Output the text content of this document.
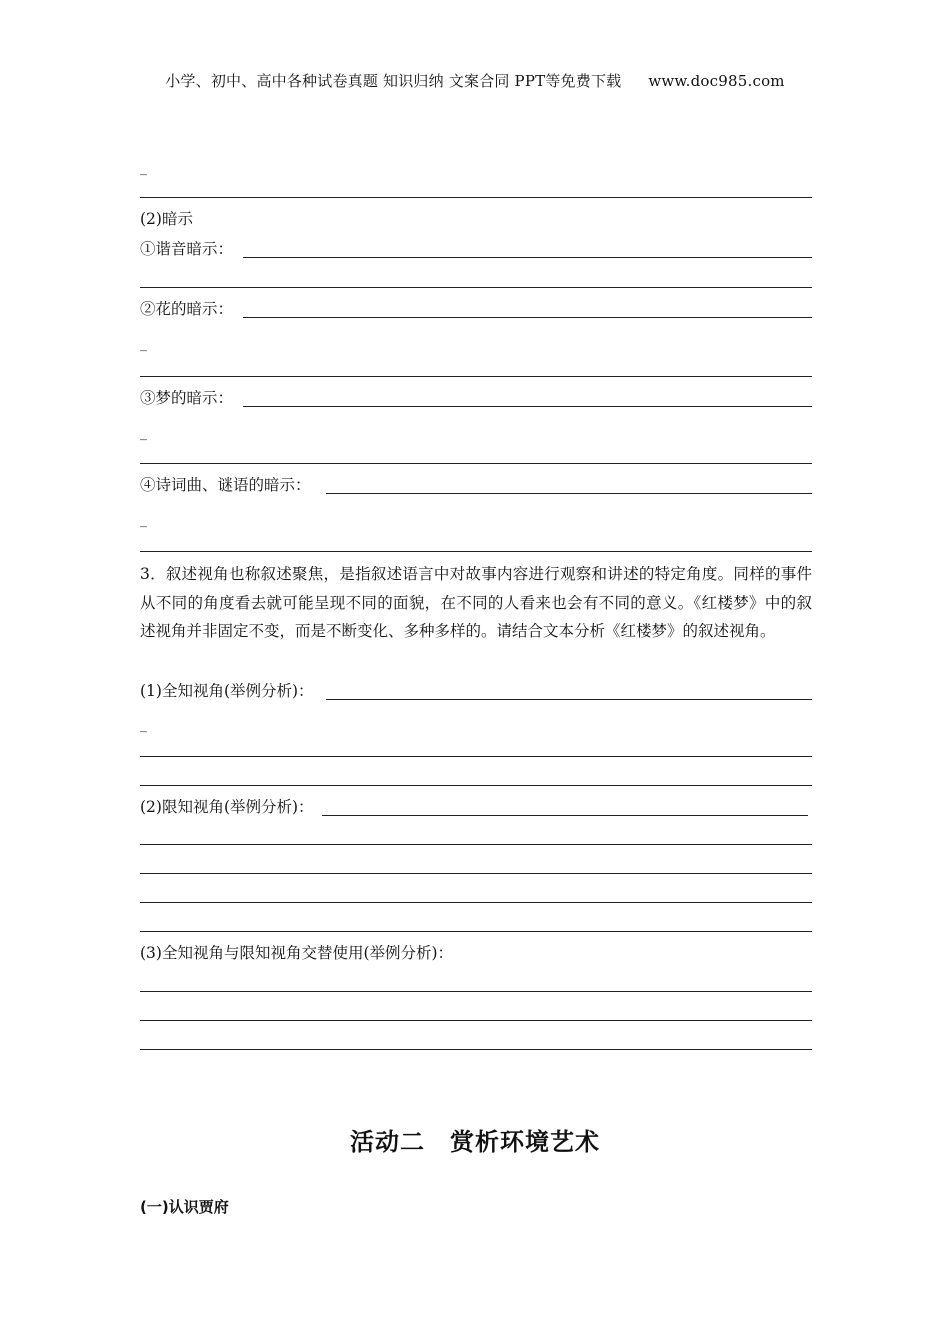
小学、初中、高中各种试卷真题 知识归纳 文案合同 PPT等免费下载 www.doc985.com
_
(2)暗示
①谐音暗示：
②花的暗示：
_
③梦的暗示：
_
④诗词曲、谜语的暗示：
_
3．叙述视角也称叙述聚焦，是指叙述语言中对故事内容进行观察和讲述的特定角度。同样的事件从不同的角度看去就可能呈现不同的面貌，在不同的人看来也会有不同的意义。《红楼梦》中的叙述视角并非固定不变，而是不断变化、多种多样的。请结合文本分析《红楼梦》的叙述视角。
(1)全知视角(举例分析)：
_
(2)限知视角(举例分析)：
(3)全知视角与限知视角交替使用(举例分析)：
活动二　赏析环境艺术
(一)认识贾府
